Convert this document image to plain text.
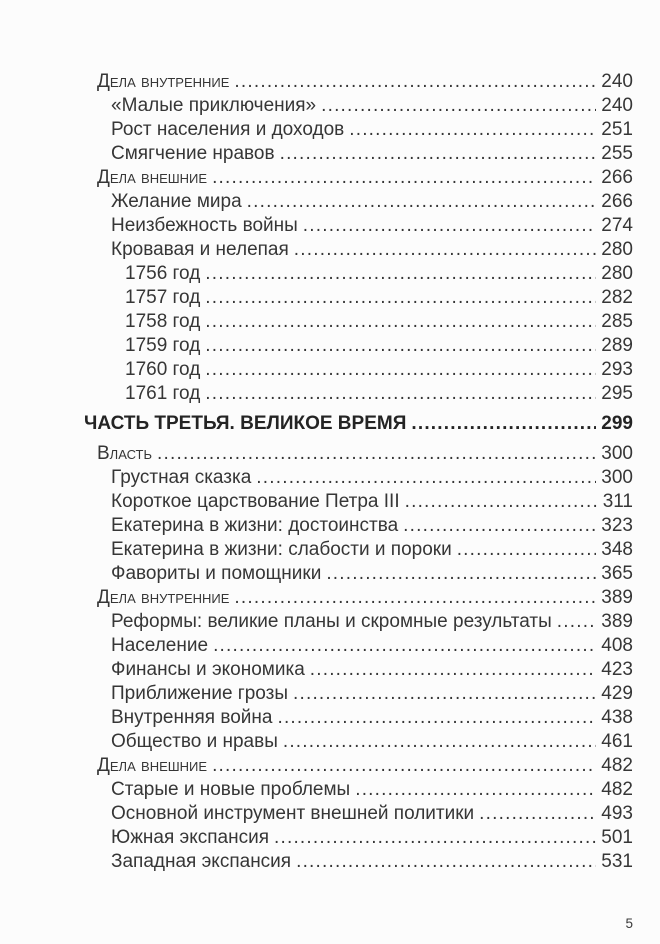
Дела внутренние .....	240
«Малые приключения» .....	240
Рост населения и доходов .....	251
Смягчение нравов .....	255
Дела внешние .....	266
Желание мира .....	266
Неизбежность войны .....	274
Кровавая и нелепая .....	280
1756 год .....	280
1757 год .....	282
1758 год .....	285
1759 год .....	289
1760 год .....	293
1761 год .....	295
ЧАСТЬ ТРЕТЬЯ. ВЕЛИКОЕ ВРЕМЯ .....	299
Власть .....	300
Грустная сказка .....	300
Короткое царствование Петра III .....	311
Екатерина в жизни: достоинства .....	323
Екатерина в жизни: слабости и пороки .....	348
Фавориты и помощники .....	365
Дела внутренние .....	389
Реформы: великие планы и скромные результаты .....	389
Население .....	408
Финансы и экономика .....	423
Приближение грозы .....	429
Внутренняя война .....	438
Общество и нравы .....	461
Дела внешние .....	482
Старые и новые проблемы .....	482
Основной инструмент внешней политики .....	493
Южная экспансия .....	501
Западная экспансия .....	531
5
